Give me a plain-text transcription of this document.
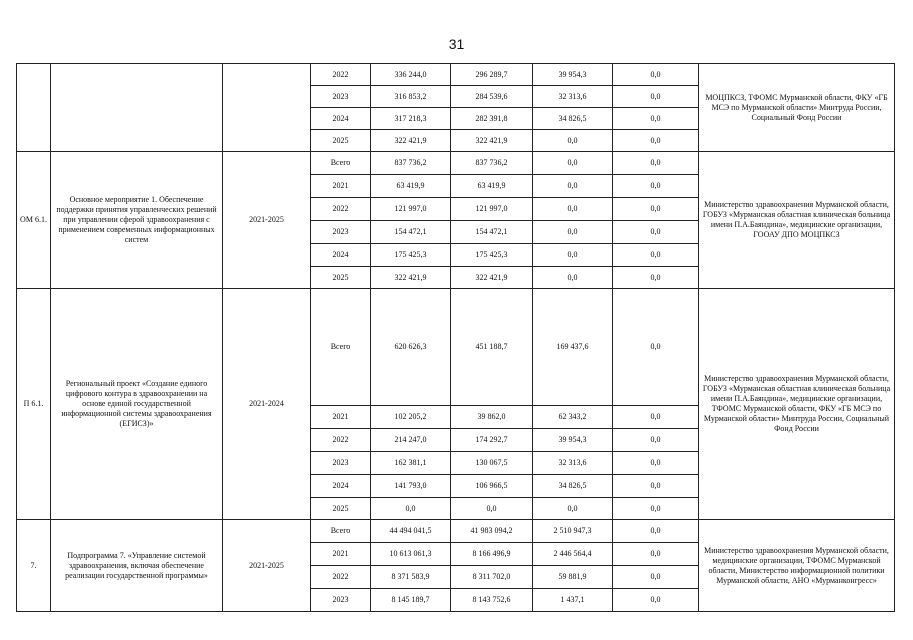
31
			2022	336 244,0	296 289,7	39 954,3	0,0	МОЦПКСЗ, ТФОМС Мурманской области, ФКУ «ГБ МСЭ по Мурманской области» Минтруда России, Социальный Фонд России
			2023	316 853,2	284 539,6	32 313,6	0,0	
			2024	317 218,3	282 391,8	34 826,5	0,0	
			2025	322 421,9	322 421,9	0,0	0,0	
ОМ 6.1.	Основное мероприятие 1. Обеспечение поддержки принятия управленческих решений при управлении сферой здравоохранения с применением современных информационных систем	2021-2025	Всего	837 736,2	837 736,2	0,0	0,0	Министерство здравоохранения Мурманской области, ГОБУЗ «Мурманская областная клиническая больница имени П.А.Баяндина», медицинские организации, ГООАУ ДПО МОЦПКСЗ
			2021	63 419,9	63 419,9	0,0	0,0	
			2022	121 997,0	121 997,0	0,0	0,0	
			2023	154 472,1	154 472,1	0,0	0,0	
			2024	175 425,3	175 425,3	0,0	0,0	
			2025	322 421,9	322 421,9	0,0	0,0	
П 6.1.	Региональный проект «Создание единого цифрового контура в здравоохранении на основе единой государственной информационной системы здравоохранения (ЕГИСЗ)»	2021-2024	Всего	620 626,3	451 188,7	169 437,6	0,0	Министерство здравоохранения Мурманской области, ГОБУЗ «Мурманская областная клиническая больница имени П.А.Баяндина», медицинские организации, ТФОМС Мурманской области, ФКУ «ГБ МСЭ по Мурманской области» Минтруда России, Социальный Фонд России
			2021	102 205,2	39 862,0	62 343,2	0,0	
			2022	214 247,0	174 292,7	39 954,3	0,0	
			2023	162 381,1	130 067,5	32 313,6	0,0	
			2024	141 793,0	106 966,5	34 826,5	0,0	
			2025	0,0	0,0	0,0	0,0	
7.	Подпрограмма 7. «Управление системой здравоохранения, включая обеспечение реализации государственной программы»	2021-2025	Всего	44 494 041,5	41 983 094,2	2 510 947,3	0,0	Министерство здравоохранения Мурманской области, медицинские организации, ТФОМС Мурманской области, Министерство информационной политики Мурманской области, АНО «Мурманконгресс»
			2021	10 613 061,3	8 166 496,9	2 446 564,4	0,0	
			2022	8 371 583,9	8 311 702,0	59 881,9	0,0	
			2023	8 145 189,7	8 143 752,6	1 437,1	0,0	
